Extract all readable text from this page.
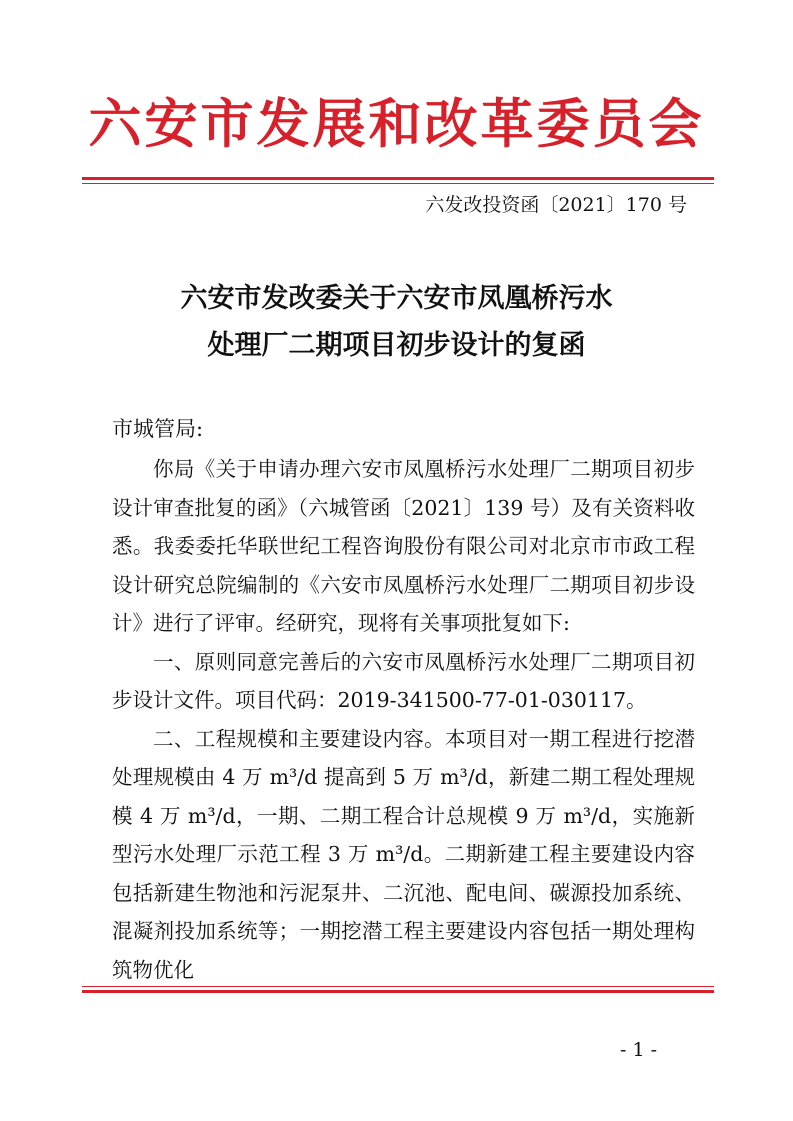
六安市发展和改革委员会
六发改投资函〔2021〕170 号
六安市发改委关于六安市凤凰桥污水
处理厂二期项目初步设计的复函
市城管局:

你局《关于申请办理六安市凤凰桥污水处理厂二期项目初步设计审查批复的函》（六城管函〔2021〕139 号）及有关资料收悉。我委委托华联世纪工程咨询股份有限公司对北京市市政工程设计研究总院编制的《六安市凤凰桥污水处理厂二期项目初步设计》进行了评审。经研究，现将有关事项批复如下:

一、原则同意完善后的六安市凤凰桥污水处理厂二期项目初步设计文件。项目代码：2019-341500-77-01-030117。

二、工程规模和主要建设内容。本项目对一期工程进行挖潜处理规模由 4 万 m³/d 提高到 5 万 m³/d，新建二期工程处理规模 4 万 m³/d，一期、二期工程合计总规模 9 万 m³/d，实施新型污水处理厂示范工程 3 万 m³/d。二期新建工程主要建设内容包括新建生物池和污泥泵井、二沉池、配电间、碳源投加系统、混凝剂投加系统等；一期挖潜工程主要建设内容包括一期处理构筑物优化

- 1 -
